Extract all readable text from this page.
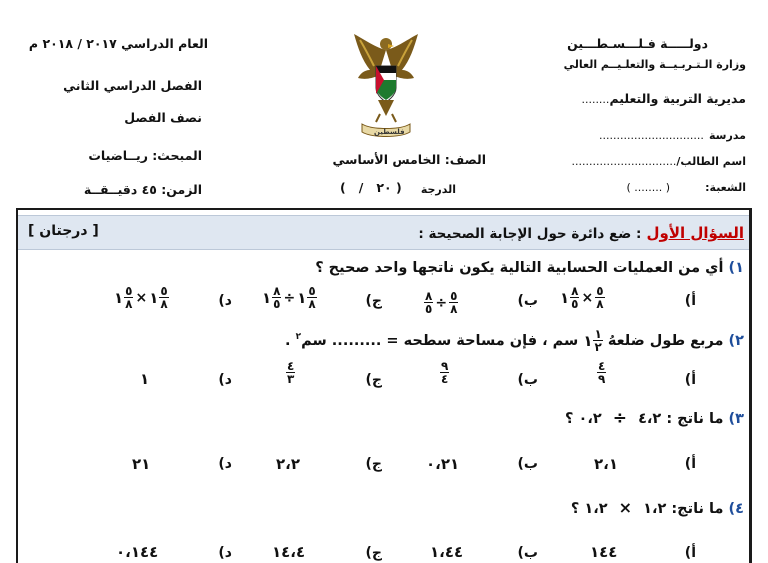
العام الدراسي ٢٠١٧ / ٢٠١٨ م
الفصل الدراسي الثاني
نصف الفصل
المبحث: ريــاضيات
الزمن: ٤٥ دقيــقــة
فلسطين
الصف: الخامس الأساسي
الدرجة
(   /   ٢٠ )
دولـــــة فـلـــسـطـــين
وزارة الـتـربـيــة والتعلـيــم العالي
مديرية التربية والتعليم........
مدرسة ..............................
اسم الطالب/..............................
الشعبة: ( ........ )
السؤال الأول : ضع دائرة حول الإجابة الصحيحة :
[ درجتان ]
١) أي من العمليات الحسابية التالية يكون ناتجها واحد صحيح ؟
أ)
١ $\frac{٨}{٥} \times \frac{٥}{٨}$
ب)
$\frac{٨}{٥} \div \frac{٥}{٨}$
ج)
١ $\frac{٨}{٥}$ ÷ ١ $\frac{٥}{٨}$
د)
١ $\frac{٥}{٨}$ × ١ $\frac{٥}{٨}$
٢)
مربع طول ضلعهُ
١ $\frac{١}{٢}$
سم ، فإن مساحة سطحه = ......... سم$^٢$ .
أ)
$\frac{٤}{٩}$
ب)
$\frac{٩}{٤}$
ج)
$\frac{٤}{٣}$
د)
١
٣) ما ناتج : ٤،٢ ÷ ٠،٢ ؟
أ)
٢،١
ب)
٠،٢١
ج)
٢،٢
د)
٢١
٤) ما ناتج: ١،٢ × ١،٢ ؟
أ)
١٤٤
ب)
١،٤٤
ج)
١٤،٤
د)
٠،١٤٤
